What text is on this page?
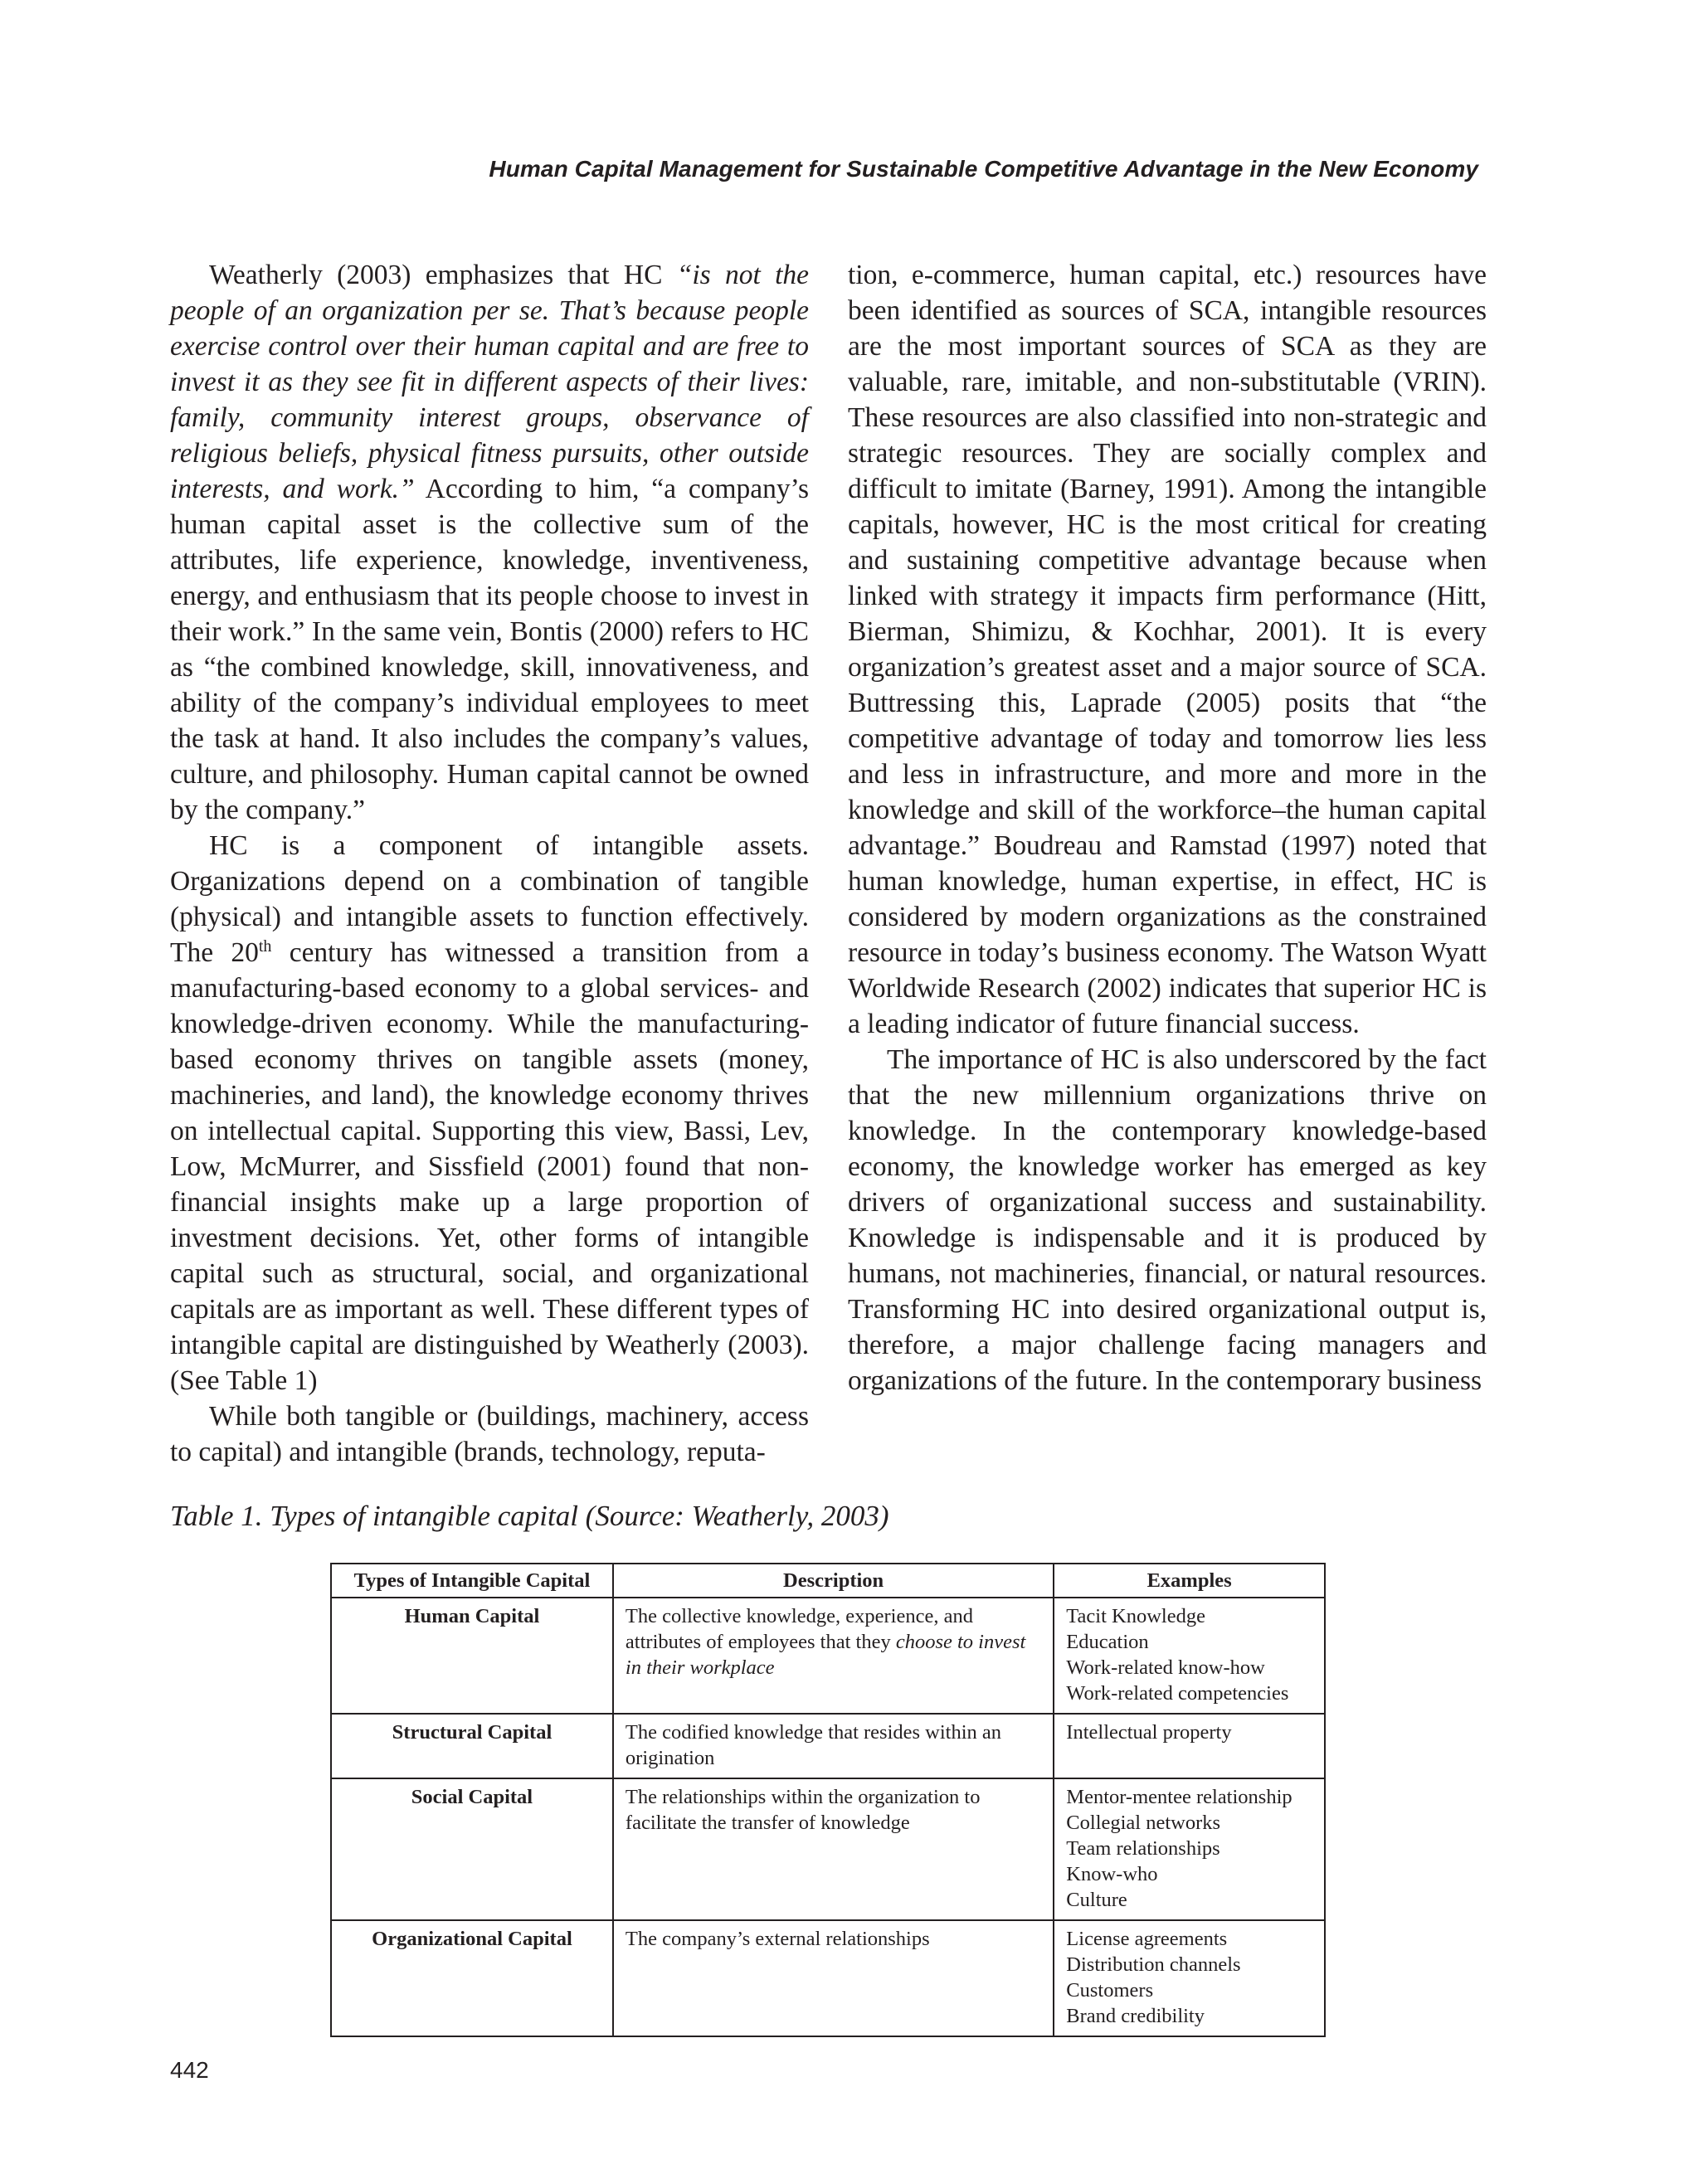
Human Capital Management for Sustainable Competitive Advantage in the New Economy

Weatherly (2003) emphasizes that HC “is not the people of an organization per se. That’s because people exercise control over their human capital and are free to invest it as they see fit in different aspects of their lives: family, community interest groups, observance of religious beliefs, physical fitness pursuits, other outside interests, and work.” According to him, “a company’s human capital asset is the collective sum of the attributes, life experience, knowledge, inventiveness, energy, and enthusiasm that its people choose to invest in their work.” In the same vein, Bontis (2000) refers to HC as “the combined knowledge, skill, innovativeness, and ability of the company’s individual employees to meet the task at hand. It also includes the company’s values, culture, and philosophy. Human capital cannot be owned by the company.”

HC is a component of intangible assets. Organizations depend on a combination of tangible (physical) and intangible assets to function effectively. The 20th century has witnessed a transition from a manufacturing-based economy to a global services- and knowledge-driven economy. While the manufacturing-based economy thrives on tangible assets (money, machineries, and land), the knowledge economy thrives on intellectual capital. Supporting this view, Bassi, Lev, Low, McMurrer, and Sissfield (2001) found that non-financial insights make up a large proportion of investment decisions. Yet, other forms of intangible capital such as structural, social, and organizational capitals are as important as well. These different types of intangible capital are distinguished by Weatherly (2003). (See Table 1)

While both tangible or (buildings, machinery, access to capital) and intangible (brands, technology, reputa-

tion, e-commerce, human capital, etc.) resources have been identified as sources of SCA, intangible resources are the most important sources of SCA as they are valuable, rare, imitable, and non-substitutable (VRIN). These resources are also classified into non-strategic and strategic resources. They are socially complex and difficult to imitate (Barney, 1991). Among the intangible capitals, however, HC is the most critical for creating and sustaining competitive advantage because when linked with strategy it impacts firm performance (Hitt, Bierman, Shimizu, & Kochhar, 2001). It is every organization’s greatest asset and a major source of SCA. Buttressing this, Laprade (2005) posits that “the competitive advantage of today and tomorrow lies less and less in infrastructure, and more and more in the knowledge and skill of the workforce–the human capital advantage.” Boudreau and Ramstad (1997) noted that human knowledge, human expertise, in effect, HC is considered by modern organizations as the constrained resource in today’s business economy. The Watson Wyatt Worldwide Research (2002) indicates that superior HC is a leading indicator of future financial success.

The importance of HC is also underscored by the fact that the new millennium organizations thrive on knowledge. In the contemporary knowledge-based economy, the knowledge worker has emerged as key drivers of organizational success and sustainability. Knowledge is indispensable and it is produced by humans, not machineries, financial, or natural resources. Transforming HC into desired organizational output is, therefore, a major challenge facing managers and organizations of the future. In the contemporary business

Table 1. Types of intangible capital (Source: Weatherly, 2003)
Types of Intangible Capital	Description	Examples
Human Capital	The collective knowledge, experience, and attributes of employees that they choose to invest in their workplace	Tacit Knowledge
Education
Work-related know-how
Work-related competencies

Structural Capital	The codified knowledge that resides within an origination	Intellectual property

Social Capital	The relationships within the organization to facilitate the transfer of knowledge	Mentor-mentee relationship
Collegial networks
Team relationships
Know-who
Culture

Organizational Capital	The company’s external relationships	License agreements
Distribution channels
Customers
Brand credibility
442
